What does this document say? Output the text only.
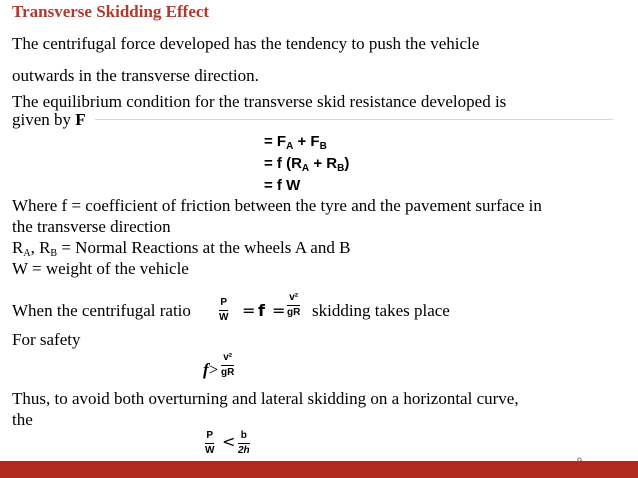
Transverse Skidding Effect
The centrifugal force developed has the tendency to push the vehicle
outwards in the transverse direction.
The equilibrium condition for the transverse skid resistance developed is
given by F
= $F_A + F_B$
= f $(R_A + R_B)$
= f W
Where f = coefficient of friction between the tyre and the pavement surface in
the transverse direction
$R_A$, $R_B$ = Normal Reactions at the wheels A and B
W = weight of the vehicle
When the centrifugal ratio	$\frac{P}{W} = f = \frac{\text{v²}}{gR}$ skidding takes place
For safety
$f> \frac{\text{v²}}{gR}$
Thus, to avoid both overturning and lateral skidding on a horizontal curve,
the
$\frac{P}{W} < \frac{b}{2h}$
